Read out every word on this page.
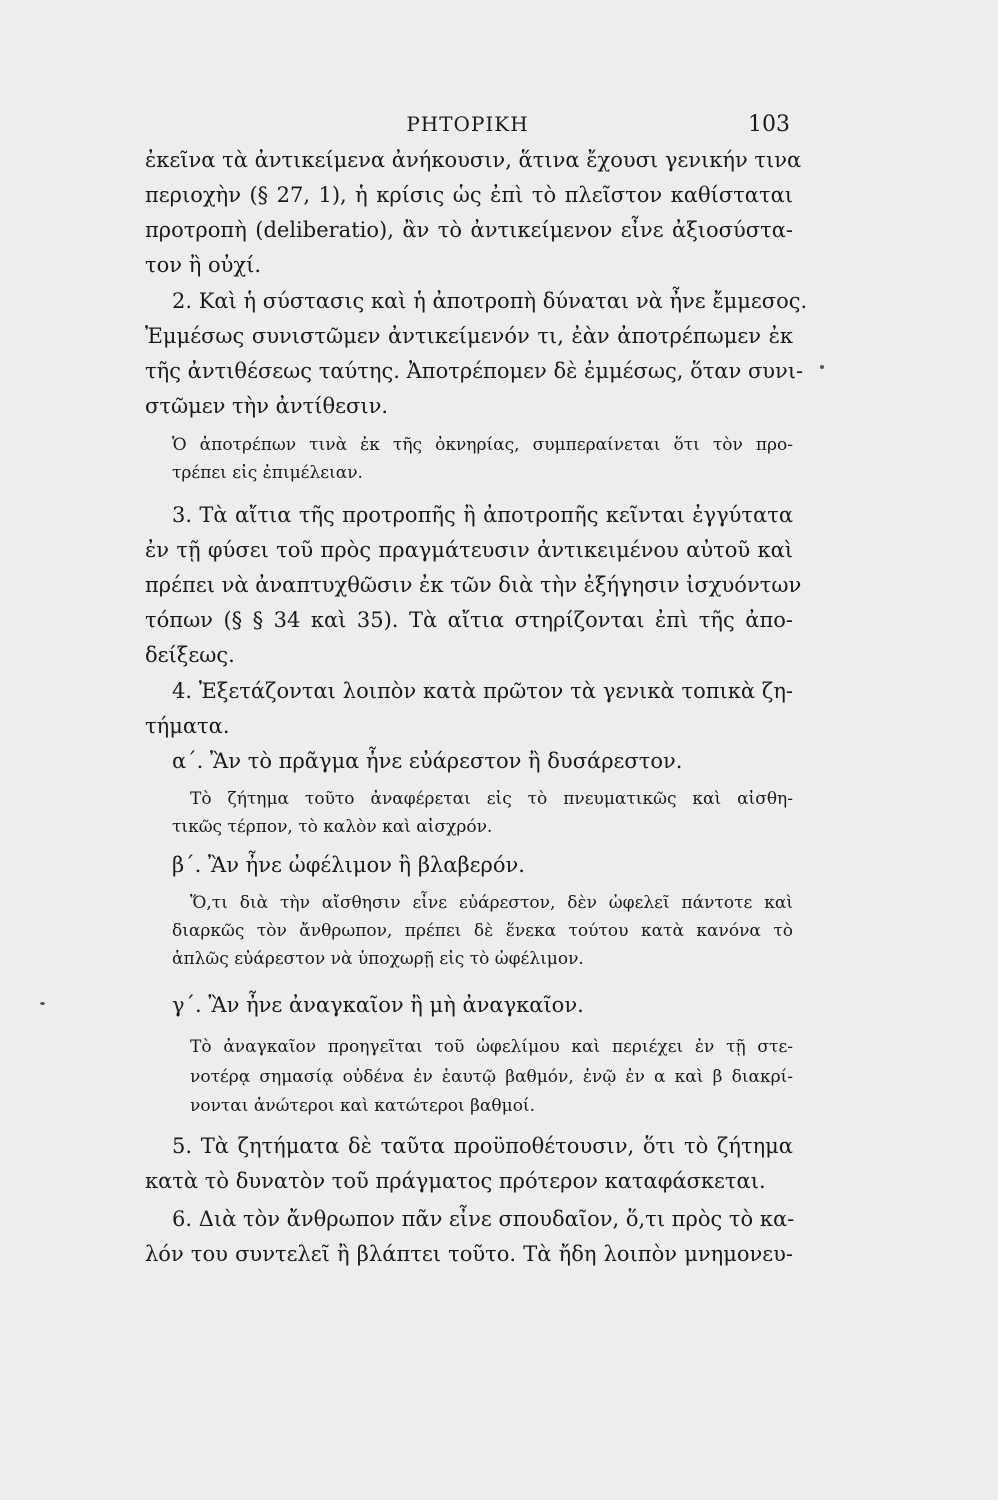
ΡΗΤΟΡΙΚΗ	103
ἐκεῖνα τὰ ἀντικείμενα ἀνήκουσιν, ἅτινα ἔχουσι γενικήν τινα
περιοχὴν (§ 27, 1), ἡ κρίσις ὡς ἐπὶ τὸ πλεῖστον καθίσταται
προτροπὴ (deliberatio), ἂν τὸ ἀντικείμενον εἶνε ἀξιοσύστα-
τον ἢ οὐχί.
2. Καὶ ἡ σύστασις καὶ ἡ ἀποτροπὴ δύναται νὰ ἦνε ἔμμεσος.
Ἐμμέσως συνιστῶμεν ἀντικείμενόν τι, ἐὰν ἀποτρέπωμεν ἐκ
τῆς ἀντιθέσεως ταύτης. Ἀποτρέπομεν δὲ ἐμμέσως, ὅταν συνι-
στῶμεν τὴν ἀντίθεσιν.
Ὁ ἀποτρέπων τινὰ ἐκ τῆς ὀκνηρίας, συμπεραίνεται ὅτι τὸν προ-
τρέπει εἰς ἐπιμέλειαν.
3. Τὰ αἴτια τῆς προτροπῆς ἢ ἀποτροπῆς κεῖνται ἐγγύτατα
ἐν τῇ φύσει τοῦ πρὸς πραγμάτευσιν ἀντικειμένου αὐτοῦ καὶ
πρέπει νὰ ἀναπτυχθῶσιν ἐκ τῶν διὰ τὴν ἐξήγησιν ἰσχυόντων
τόπων (§ § 34 καὶ 35). Τὰ αἴτια στηρίζονται ἐπὶ τῆς ἀπο-
δείξεως.
4. Ἐξετάζονται λοιπὸν κατὰ πρῶτον τὰ γενικὰ τοπικὰ ζη-
τήματα.
α΄. Ἂν τὸ πρᾶγμα ἦνε εὐάρεστον ἢ δυσάρεστον.
Τὸ ζήτημα τοῦτο ἀναφέρεται εἰς τὸ πνευματικῶς καὶ αἰσθη-
τικῶς τέρπον, τὸ καλὸν καὶ αἰσχρόν.
β΄. Ἂν ἦνε ὠφέλιμον ἢ βλαβερόν.
Ὅ,τι διὰ τὴν αἴσθησιν εἶνε εὐάρεστον, δὲν ὠφελεῖ πάντοτε καὶ
διαρκῶς τὸν ἄνθρωπον, πρέπει δὲ ἕνεκα τούτου κατὰ κανόνα τὸ
ἁπλῶς εὐάρεστον νὰ ὑποχωρῇ εἰς τὸ ὠφέλιμον.
γ΄. Ἂν ἦνε ἀναγκαῖον ἢ μὴ ἀναγκαῖον.
Τὸ ἀναγκαῖον προηγεῖται τοῦ ὠφελίμου καὶ περιέχει ἐν τῇ στε-
νοτέρᾳ σημασίᾳ οὐδένα ἐν ἑαυτῷ βαθμόν, ἐνῷ ἐν α καὶ β διακρί-
νονται ἀνώτεροι καὶ κατώτεροι βαθμοί.
5. Τὰ ζητήματα δὲ ταῦτα προϋποθέτουσιν, ὅτι τὸ ζήτημα
κατὰ τὸ δυνατὸν τοῦ πράγματος πρότερον καταφάσκεται.
6. Διὰ τὸν ἄνθρωπον πᾶν εἶνε σπουδαῖον, ὅ,τι πρὸς τὸ κα-
λόν του συντελεῖ ἢ βλάπτει τοῦτο. Τὰ ἤδη λοιπὸν μνημονευ-
